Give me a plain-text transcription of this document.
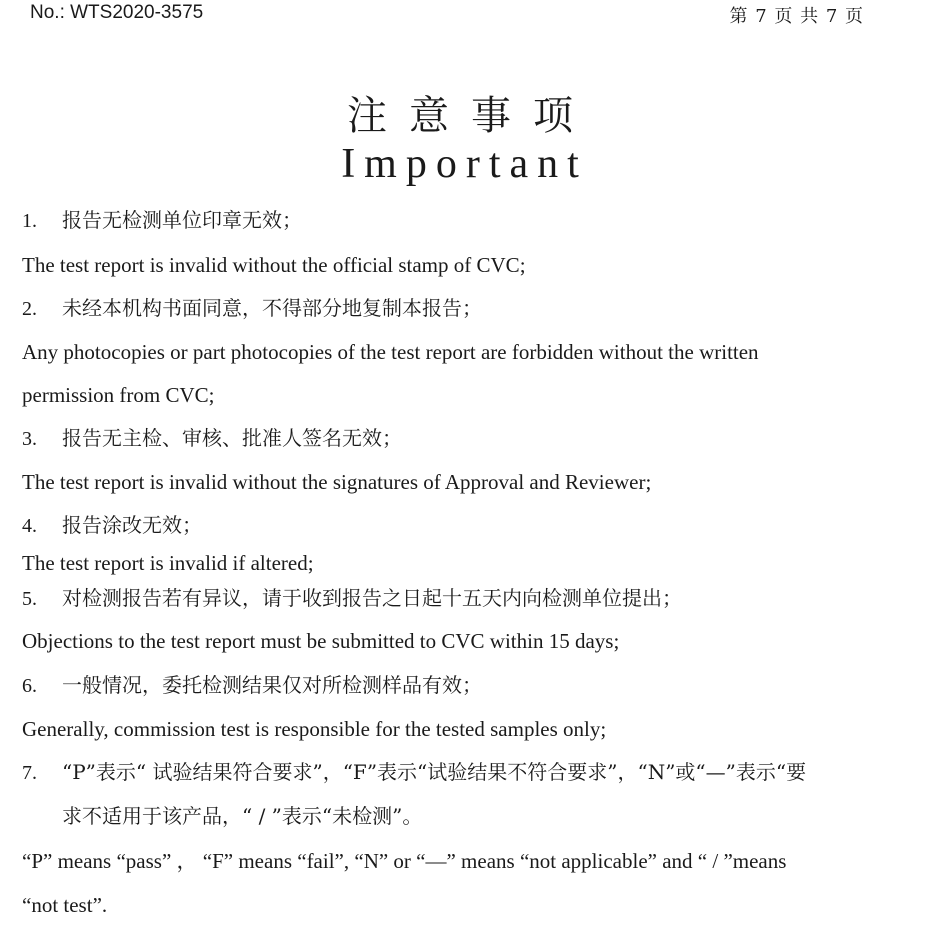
No.: WTS2020-3575	第 7 页 共 7 页
注意事项
Important
1. 报告无检测单位印章无效；
The test report is invalid without the official stamp of CVC;
2. 未经本机构书面同意，不得部分地复制本报告；
Any photocopies or part photocopies of the test report are forbidden without the written
permission from CVC;
3. 报告无主检、审核、批准人签名无效；
The test report is invalid without the signatures of Approval and Reviewer;
4. 报告涂改无效；
The test report is invalid if altered;
5. 对检测报告若有异议，请于收到报告之日起十五天内向检测单位提出；
Objections to the test report must be submitted to CVC within 15 days;
6. 一般情况，委托检测结果仅对所检测样品有效；
Generally, commission test is responsible for the tested samples only;
7. “P”表示“ 试验结果符合要求”，“F”表示“试验结果不符合要求”，“N”或“—”表示“要
求不适用于该产品，“ / ”表示“未检测”。
“P” means “pass” ， “F” means “fail”, “N” or “—” means “not applicable” and “ / ”means
“not test”.
